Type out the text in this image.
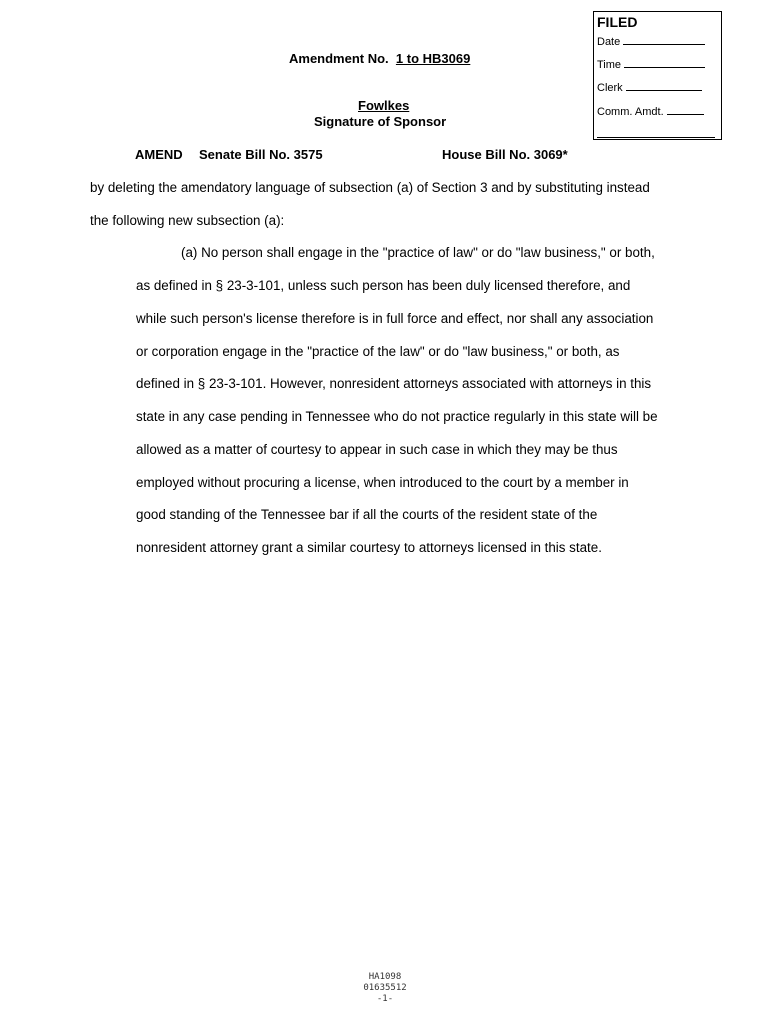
FILED
Date
Time
Clerk
Comm. Amdt.
Amendment No. 1 to HB3069
Fowlkes
Signature of Sponsor
AMEND Senate Bill No. 3575	House Bill No. 3069*
by deleting the amendatory language of subsection (a) of Section 3 and by substituting instead
the following new subsection (a):
(a) No person shall engage in the "practice of law" or do "law business," or both,
as defined in § 23-3-101, unless such person has been duly licensed therefore, and
while such person's license therefore is in full force and effect, nor shall any association
or corporation engage in the "practice of the law" or do "law business," or both, as
defined in § 23-3-101. However, nonresident attorneys associated with attorneys in this
state in any case pending in Tennessee who do not practice regularly in this state will be
allowed as a matter of courtesy to appear in such case in which they may be thus
employed without procuring a license, when introduced to the court by a member in
good standing of the Tennessee bar if all the courts of the resident state of the
nonresident attorney grant a similar courtesy to attorneys licensed in this state.
HA1098
01635512
-1-
